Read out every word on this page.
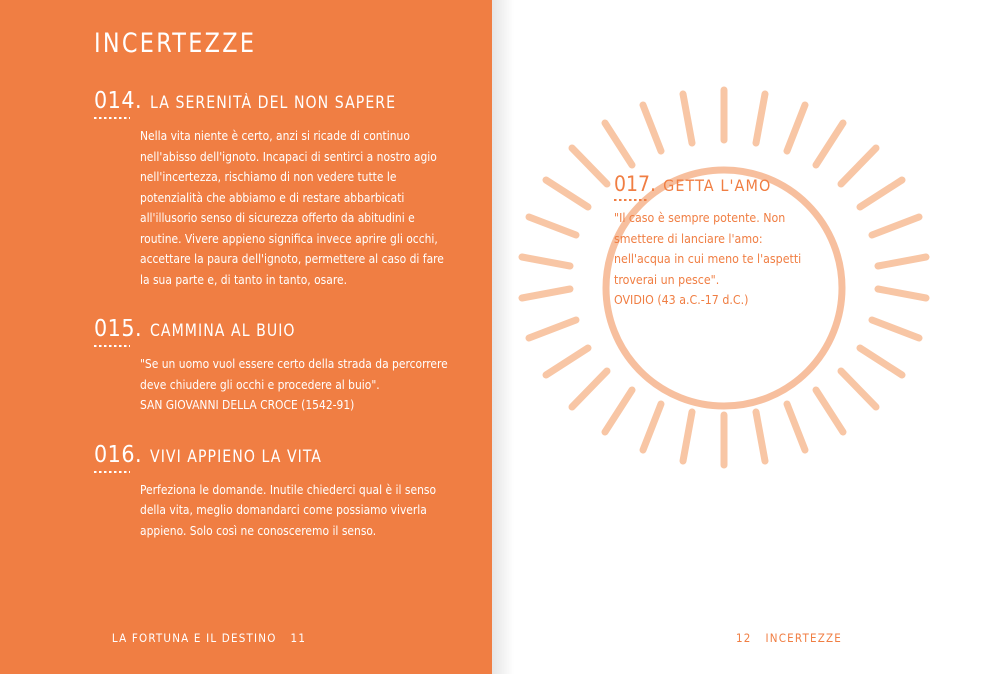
INCERTEZZE
014. LA SERENITÀ DEL NON SAPERE
Nella vita niente è certo, anzi si ricade di continuo nell'abisso dell'ignoto. Incapaci di sentirci a nostro agio nell'incertezza, rischiamo di non vedere tutte le potenzialità che abbiamo e di restare abbarbicati all'illusorio senso di sicurezza offerto da abitudini e routine. Vivere appieno significa invece aprire gli occhi, accettare la paura dell'ignoto, permettere al caso di fare la sua parte e, di tanto in tanto, osare.
015. CAMMINA AL BUIO
"Se un uomo vuol essere certo della strada da percorrere deve chiudere gli occhi e procedere al buio".
SAN GIOVANNI DELLA CROCE (1542-91)
016. VIVI APPIENO LA VITA
Perfeziona le domande. Inutile chiederci qual è il senso della vita, meglio domandarci come possiamo viverla appieno. Solo così ne conosceremo il senso.
LA FORTUNA E IL DESTINO 11
017. GETTA L'AMO
"Il caso è sempre potente. Non smettere di lanciare l'amo: nell'acqua in cui meno te l'aspetti troverai un pesce".
OVIDIO (43 a.C.-17 d.C.)
12 INCERTEZZE
